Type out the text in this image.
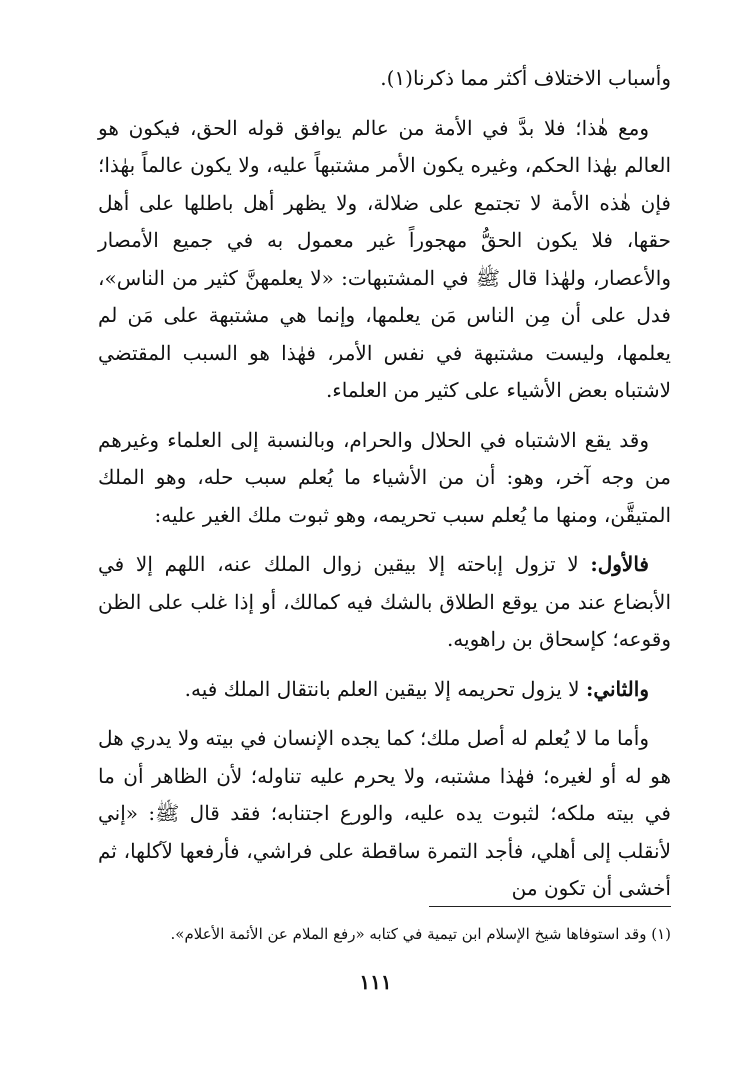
وأسباب الاختلاف أكثر مما ذكرنا(١).

ومع هٰذا؛ فلا بدَّ في الأمة من عالم يوافق قوله الحق، فيكون هو العالم بهٰذا الحكم، وغيره يكون الأمر مشتبهاً عليه، ولا يكون عالماً بهٰذا؛ فإن هٰذه الأمة لا تجتمع على ضلالة، ولا يظهر أهل باطلها على أهل حقها، فلا يكون الحقُّ مهجوراً غير معمول به في جميع الأمصار والأعصار، ولهٰذا قال ﷺ في المشتبهات: «لا يعلمهنَّ كثير من الناس»، فدل على أن مِن الناس مَن يعلمها، وإنما هي مشتبهة على مَن لم يعلمها، وليست مشتبهة في نفس الأمر، فهٰذا هو السبب المقتضي لاشتباه بعض الأشياء على كثير من العلماء.

وقد يقع الاشتباه في الحلال والحرام، وبالنسبة إلى العلماء وغيرهم من وجه آخر، وهو: أن من الأشياء ما يُعلم سبب حله، وهو الملك المتيقَّن، ومنها ما يُعلم سبب تحريمه، وهو ثبوت ملك الغير عليه:

فالأول: لا تزول إباحته إلا بيقين زوال الملك عنه، اللهم إلا في الأبضاع عند من يوقع الطلاق بالشك فيه كمالك، أو إذا غلب على الظن وقوعه؛ كإسحاق بن راهويه.

والثاني: لا يزول تحريمه إلا بيقين العلم بانتقال الملك فيه.

وأما ما لا يُعلم له أصل ملك؛ كما يجده الإنسان في بيته ولا يدري هل هو له أو لغيره؛ فهٰذا مشتبه، ولا يحرم عليه تناوله؛ لأن الظاهر أن ما في بيته ملكه؛ لثبوت يده عليه، والورع اجتنابه؛ فقد قال ﷺ: «إني لأنقلب إلى أهلي، فأجد التمرة ساقطة على فراشي، فأرفعها لآكلها، ثم أخشى أن تكون من

(١) وقد استوفاها شيخ الإسلام ابن تيمية في كتابه «رفع الملام عن الأئمة الأعلام».
١١١
